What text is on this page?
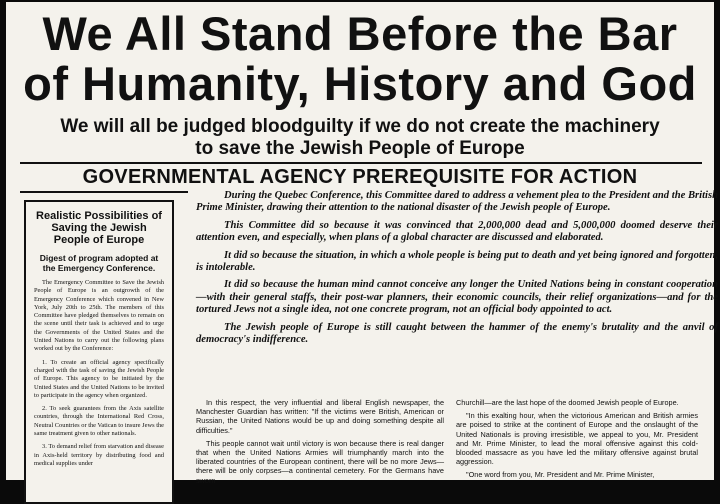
We All Stand Before the Bar
of Humanity, History and God
We will all be judged bloodguilty if we do not create the machinery
to save the Jewish People of Europe
GOVERNMENTAL AGENCY PREREQUISITE FOR ACTION
Realistic Possibilities of Saving the Jewish People of Europe
Digest of program adopted at the Emergency Conference.

The Emergency Committee to Save the Jewish People of Europe is an outgrowth of the Emergency Conference which convened in New York, July 20th to 25th. The members of this Committee have pledged themselves to remain on the scene until their task is achieved and to urge the Governments of the United States and the United Nations to carry out the following plans worked out by the Conference:

1. To create an official agency specifically charged with the task of saving the Jewish People of Europe. This agency to be initiated by the United States and the United Nations to be invited to participate in the agency when organized.

2. To seek guarantees from the Axis satellite countries, through the International Red Cross, Neutral Countries or the Vatican to insure Jews the same treatment given to other nationals.

3. To demand relief from starvation and disease in Axis-held territory by distributing food and medical supplies under

During the Quebec Conference, this Committee dared to address a vehement plea to the President and the British Prime Minister, drawing their attention to the national disaster of the Jewish people of Europe.

This Committee did so because it was convinced that 2,000,000 dead and 5,000,000 doomed deserve their attention even, and especially, when plans of a global character are discussed and elaborated.

It did so because the situation, in which a whole people is being put to death and yet being ignored and forgotten, is intolerable.

It did so because the human mind cannot conceive any longer the United Nations being in constant cooperation—with their general staffs, their post-war planners, their economic councils, their relief organizations—and for the tortured Jews not a single idea, not one concrete program, not an official body appointed to act.

The Jewish people of Europe is still caught between the hammer of the enemy's brutality and the anvil of democracy's indifference.

In this respect, the very influential and liberal English newspaper, the Manchester Guardian has written: "If the victims were British, American or Russian, the United Nations would be up and doing something despite all difficulties."

This people cannot wait until victory is won because there is real danger that when the United Nations Armies will triumphantly march into the liberated countries of the European continent, there will be no more Jews—there will be only corpses—a continental cemetery. For the Germans have sworn

Churchill—are the last hope of the doomed Jewish people of Europe.

"In this exalting hour, when the victorious American and British armies are poised to strike at the continent of Europe and the onslaught of the United Nationals is proving irresistible, we appeal to you, Mr. President and Mr. Prime Minister, to lead the moral offensive against this cold-blooded massacre as you have led the military offensive against brutal aggression.

"One word from you, Mr. President and Mr. Prime Minister,
